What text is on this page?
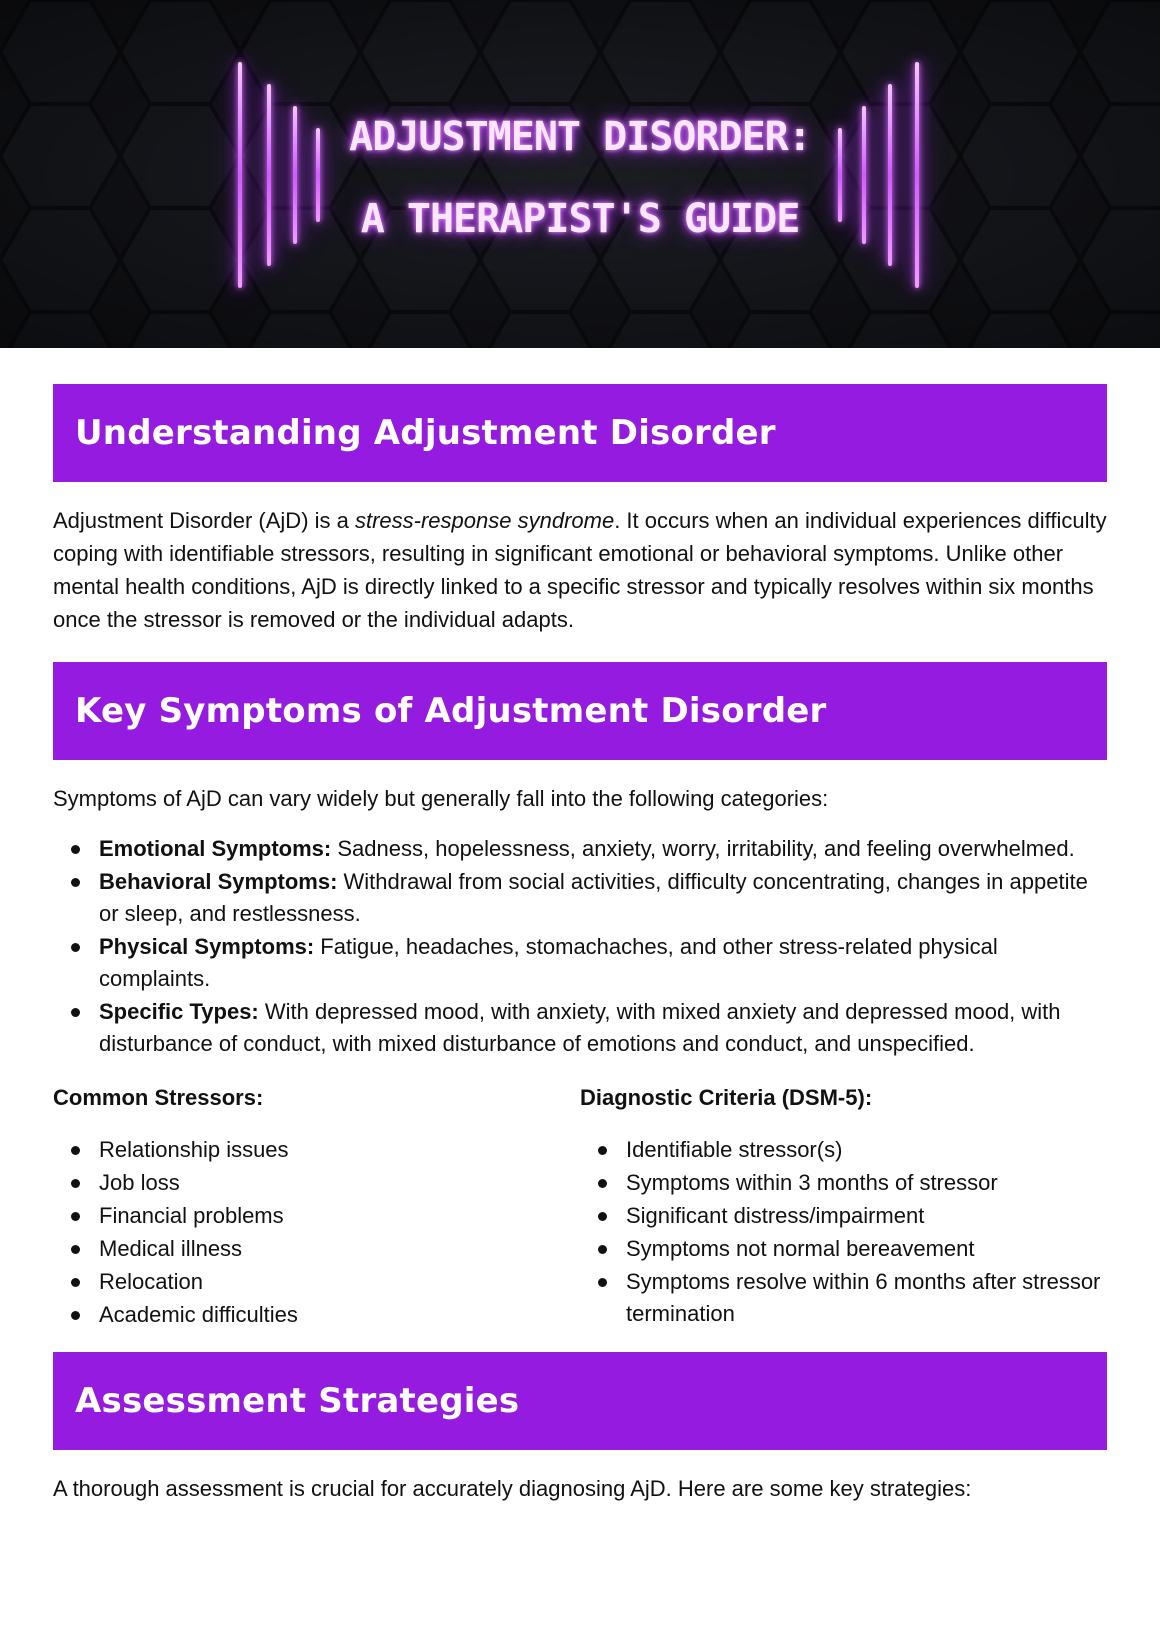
ADJUSTMENT DISORDER:
A THERAPIST'S GUIDE
Understanding Adjustment Disorder

Adjustment Disorder (AjD) is a stress-response syndrome. It occurs when an individual experiences difficulty coping with identifiable stressors, resulting in significant emotional or behavioral symptoms. Unlike other mental health conditions, AjD is directly linked to a specific stressor and typically resolves within six months once the stressor is removed or the individual adapts.

Key Symptoms of Adjustment Disorder

Symptoms of AjD can vary widely but generally fall into the following categories:

Emotional Symptoms: Sadness, hopelessness, anxiety, worry, irritability, and feeling overwhelmed.
Behavioral Symptoms: Withdrawal from social activities, difficulty concentrating, changes in appetite or sleep, and restlessness.
Physical Symptoms: Fatigue, headaches, stomachaches, and other stress-related physical complaints.
Specific Types: With depressed mood, with anxiety, with mixed anxiety and depressed mood, with disturbance of conduct, with mixed disturbance of emotions and conduct, and unspecified.
Common Stressors:
Relationship issues
Job loss
Financial problems
Medical illness
Relocation
Academic difficulties
Diagnostic Criteria (DSM-5):
Identifiable stressor(s)
Symptoms within 3 months of stressor
Significant distress/impairment
Symptoms not normal bereavement
Symptoms resolve within 6 months after stressor termination
Assessment Strategies

A thorough assessment is crucial for accurately diagnosing AjD. Here are some key strategies:
